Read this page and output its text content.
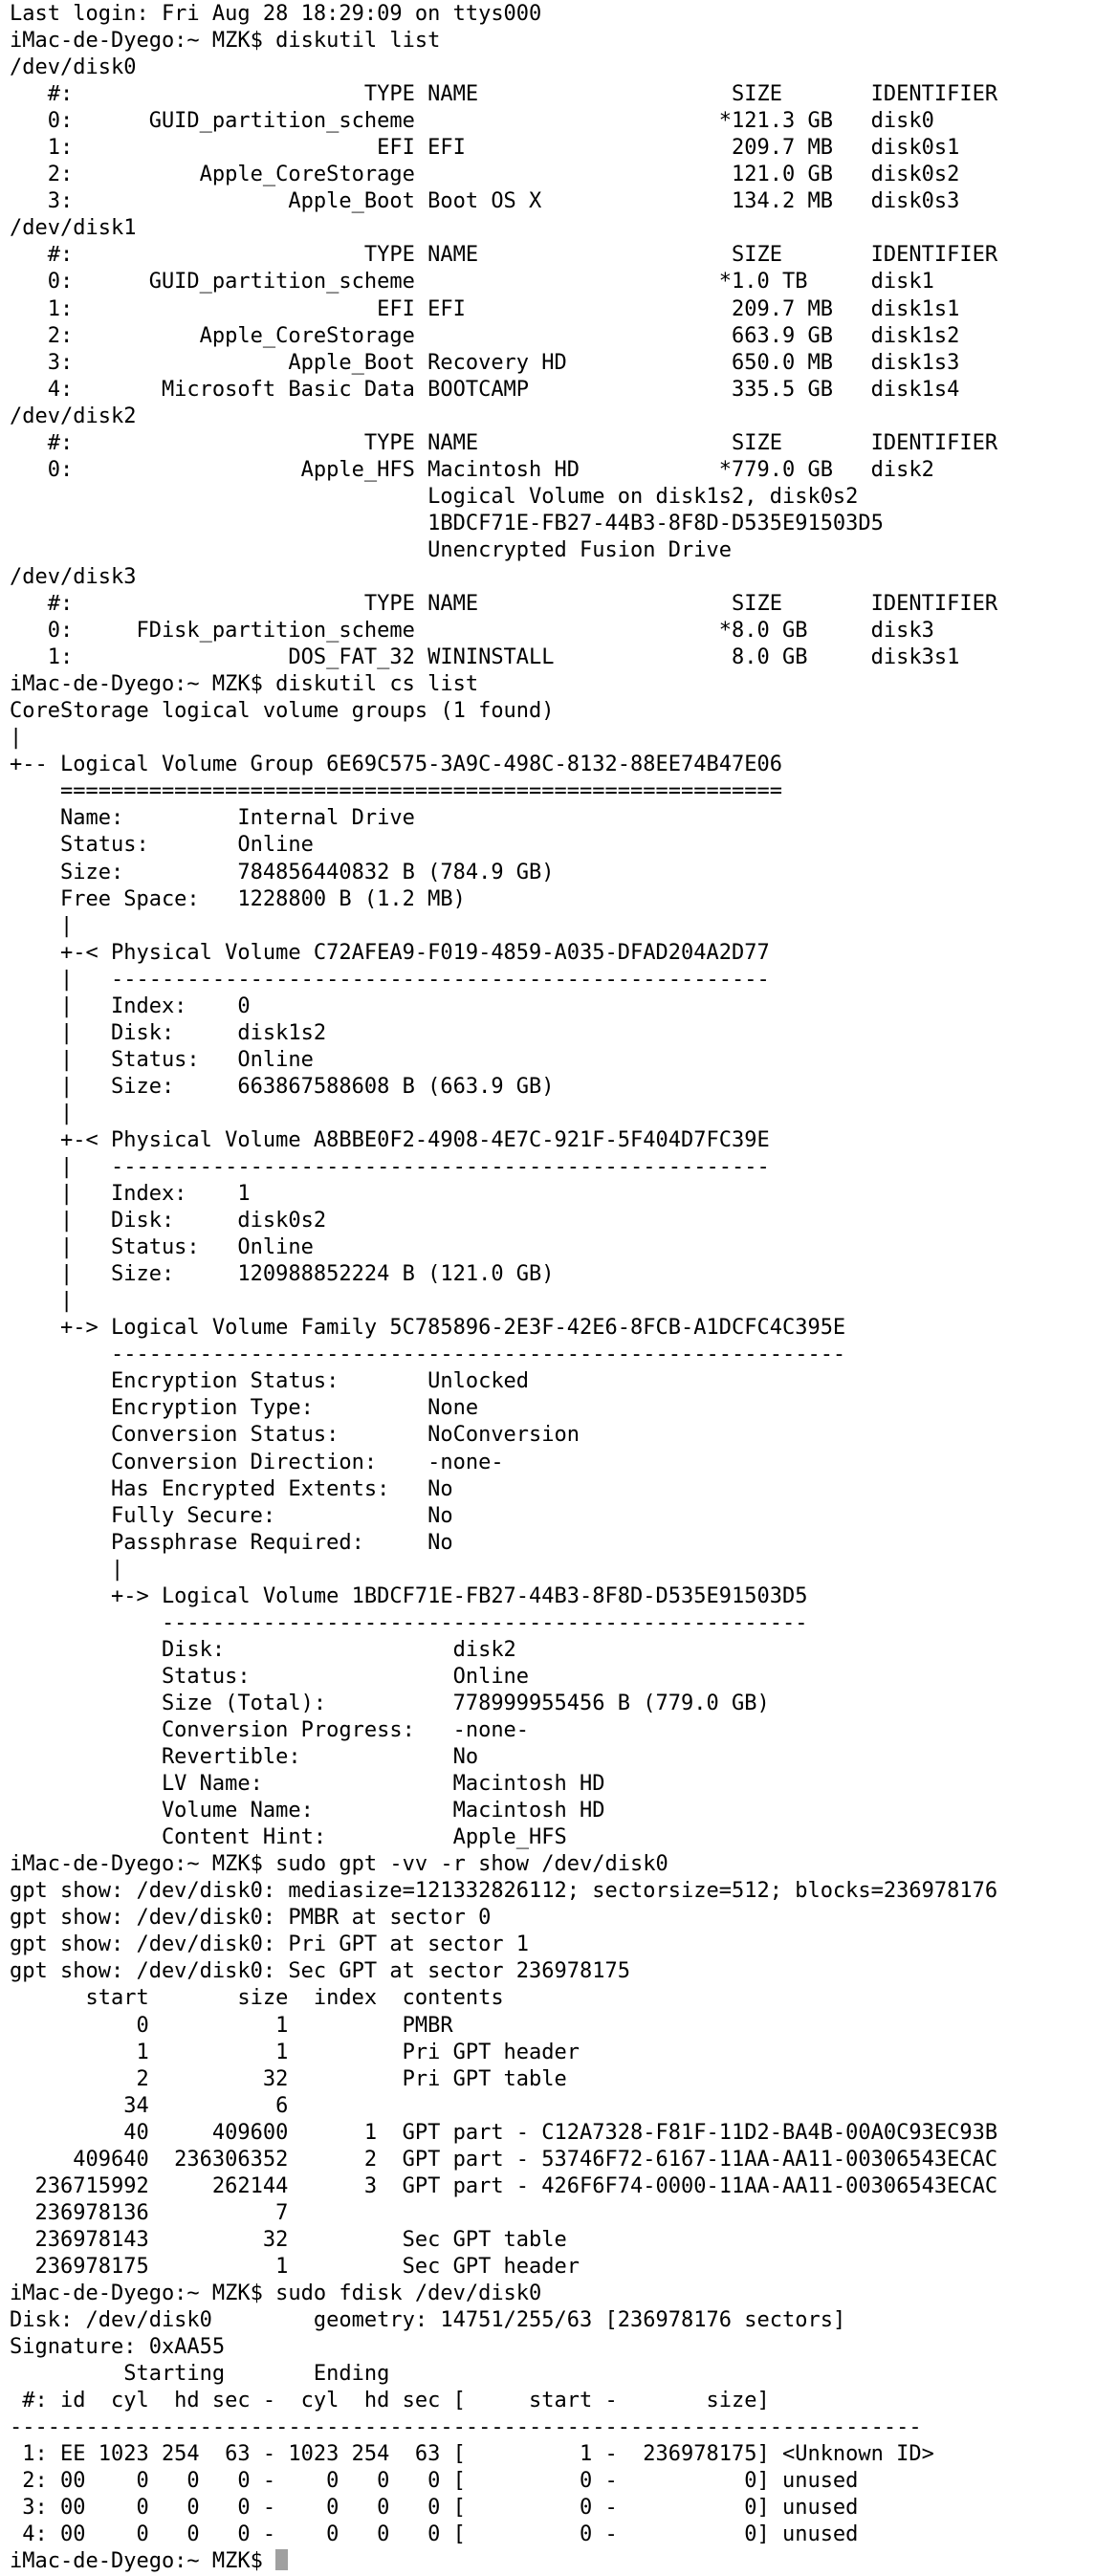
Last login: Fri Aug 28 18:29:09 on ttys000
iMac-de-Dyego:~ MZK$ diskutil list
/dev/disk0
#:                       TYPE NAME                    SIZE       IDENTIFIER
0:      GUID_partition_scheme                        *121.3 GB   disk0
1:                        EFI EFI                     209.7 MB   disk0s1
2:          Apple_CoreStorage                         121.0 GB   disk0s2
3:                 Apple_Boot Boot OS X               134.2 MB   disk0s3
/dev/disk1
#:                       TYPE NAME                    SIZE       IDENTIFIER
0:      GUID_partition_scheme                        *1.0 TB     disk1
1:                        EFI EFI                     209.7 MB   disk1s1
2:          Apple_CoreStorage                         663.9 GB   disk1s2
3:                 Apple_Boot Recovery HD             650.0 MB   disk1s3
4:       Microsoft Basic Data BOOTCAMP                335.5 GB   disk1s4
/dev/disk2
#:                       TYPE NAME                    SIZE       IDENTIFIER
0:                  Apple_HFS Macintosh HD           *779.0 GB   disk2
Logical Volume on disk1s2, disk0s2
1BDCF71E-FB27-44B3-8F8D-D535E91503D5
Unencrypted Fusion Drive
/dev/disk3
#:                       TYPE NAME                    SIZE       IDENTIFIER
0:     FDisk_partition_scheme                        *8.0 GB     disk3
1:                 DOS_FAT_32 WININSTALL              8.0 GB     disk3s1
iMac-de-Dyego:~ MZK$ diskutil cs list
CoreStorage logical volume groups (1 found)
|
+-- Logical Volume Group 6E69C575-3A9C-498C-8132-88EE74B47E06
=========================================================
Name:         Internal Drive
Status:       Online
Size:         784856440832 B (784.9 GB)
Free Space:   1228800 B (1.2 MB)
|
+-< Physical Volume C72AFEA9-F019-4859-A035-DFAD204A2D77
|   ----------------------------------------------------
|   Index:    0
|   Disk:     disk1s2
|   Status:   Online
|   Size:     663867588608 B (663.9 GB)
|
+-< Physical Volume A8BBE0F2-4908-4E7C-921F-5F404D7FC39E
|   ----------------------------------------------------
|   Index:    1
|   Disk:     disk0s2
|   Status:   Online
|   Size:     120988852224 B (121.0 GB)
|
+-> Logical Volume Family 5C785896-2E3F-42E6-8FCB-A1DCFC4C395E
----------------------------------------------------------
Encryption Status:       Unlocked
Encryption Type:         None
Conversion Status:       NoConversion
Conversion Direction:    -none-
Has Encrypted Extents:   No
Fully Secure:            No
Passphrase Required:     No
|
+-> Logical Volume 1BDCF71E-FB27-44B3-8F8D-D535E91503D5
---------------------------------------------------
Disk:                  disk2
Status:                Online
Size (Total):          778999955456 B (779.0 GB)
Conversion Progress:   -none-
Revertible:            No
LV Name:               Macintosh HD
Volume Name:           Macintosh HD
Content Hint:          Apple_HFS
iMac-de-Dyego:~ MZK$ sudo gpt -vv -r show /dev/disk0
gpt show: /dev/disk0: mediasize=121332826112; sectorsize=512; blocks=236978176
gpt show: /dev/disk0: PMBR at sector 0
gpt show: /dev/disk0: Pri GPT at sector 1
gpt show: /dev/disk0: Sec GPT at sector 236978175
start       size  index  contents
0          1         PMBR
1          1         Pri GPT header
2         32         Pri GPT table
34          6
40     409600      1  GPT part - C12A7328-F81F-11D2-BA4B-00A0C93EC93B
409640  236306352      2  GPT part - 53746F72-6167-11AA-AA11-00306543ECAC
236715992     262144      3  GPT part - 426F6F74-0000-11AA-AA11-00306543ECAC
236978136          7
236978143         32         Sec GPT table
236978175          1         Sec GPT header
iMac-de-Dyego:~ MZK$ sudo fdisk /dev/disk0
Disk: /dev/disk0	geometry: 14751/255/63 [236978176 sectors]
Signature: 0xAA55
Starting       Ending
#: id  cyl  hd sec -  cyl  hd sec [     start -       size]
------------------------------------------------------------------------
1: EE 1023 254  63 - 1023 254  63 [         1 -  236978175] <Unknown ID>
2: 00    0   0   0 -    0   0   0 [         0 -          0] unused
3: 00    0   0   0 -    0   0   0 [         0 -          0] unused
4: 00    0   0   0 -    0   0   0 [         0 -          0] unused
iMac-de-Dyego:~ MZK$
